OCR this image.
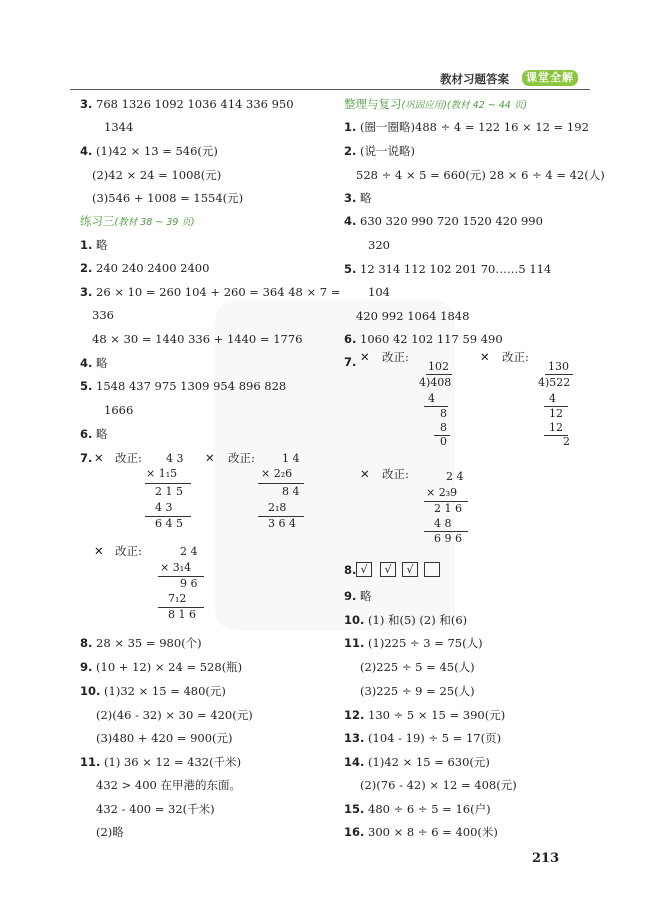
教材习题答案	课堂全解
3. 768 1326 1092 1036 414 336 950
1344
4. (1)42 × 13 = 546(元)
(2)42 × 24 = 1008(元)
(3)546 + 1008 = 1554(元)
练习三(教材 38 ~ 39 页)
1. 略
2. 240 240 2400 2400
3. 26 × 10 = 260 104 + 260 = 364 48 × 7 =
336
48 × 30 = 1440 336 + 1440 = 1776
4. 略
5. 1548 437 975 1309 954 896 828
1666
6. 略
7. ✕ 改正:	✕ 改正:
4 3
× 1₁5
2 1 5
4 3
6 4 5
1 4
× 2₂6
8 4
2₁8
3 6 4
✕ 改正:	2 4
× 3₁4
9 6
7₁2
8 1 6
8. 28 × 35 = 980(个)
9. (10 + 12) × 24 = 528(瓶)
10. (1)32 × 15 = 480(元)
(2)(46 - 32) × 30 = 420(元)
(3)480 + 420 = 900(元)
11. (1) 36 × 12 = 432(千米)
432 > 400 在甲港的东面。
432 - 400 = 32(千米)
(2)略
整理与复习(巩固应用)(教材 42 ~ 44 页)
1. (圈一圈略)488 ÷ 4 = 122 16 × 12 = 192
2. (说一说略)
528 ÷ 4 × 5 = 660(元) 28 × 6 ÷ 4 = 42(人)
3. 略
4. 630 320 990 720 1520 420 990
320
5. 12 314 112 102 201 70……5 114
104
420 992 1064 1848
6. 1060 42 102 117 59 490
7. ✕ 改正:	✕ 改正:
102
4)408
4
8
8
0
130
4)522
4
12
12
2
✕ 改正:	2 4
× 2₃9
2 1 6
4 8
6 9 6
8. √	√	√
9. 略
10. (1) 和(5) (2) 和(6)
11. (1)225 ÷ 3 = 75(人)
(2)225 ÷ 5 = 45(人)
(3)225 ÷ 9 = 25(人)
12. 130 ÷ 5 × 15 = 390(元)
13. (104 - 19) ÷ 5 = 17(页)
14. (1)42 × 15 = 630(元)
(2)(76 - 42) × 12 = 408(元)
15. 480 ÷ 6 ÷ 5 = 16(户)
16. 300 × 8 ÷ 6 = 400(米)
213
